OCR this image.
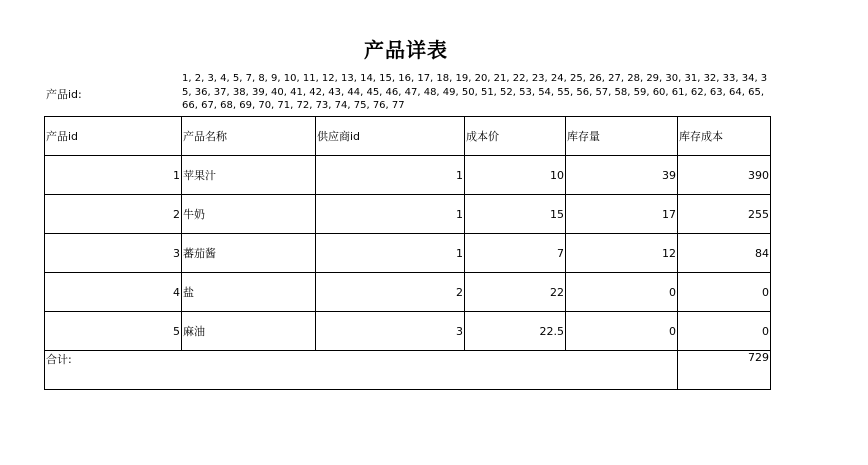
产品详表
产品id:
1, 2, 3, 4, 5, 7, 8, 9, 10, 11, 12, 13, 14, 15, 16, 17, 18, 19, 20, 21, 22, 23, 24, 25, 26, 27, 28, 29, 30, 31, 32, 33, 34, 35, 36, 37, 38, 39, 40, 41, 42, 43, 44, 45, 46, 47, 48, 49, 50, 51, 52, 53, 54, 55, 56, 57, 58, 59, 60, 61, 62, 63, 64, 65, 66, 67, 68, 69, 70, 71, 72, 73, 74, 75, 76, 77
产品id	产品名称	供应商id	成本价	库存量	库存成本
1	苹果汁	1	10	39	390
2	牛奶	1	15	17	255
3	蕃茄酱	1	7	12	84
4	盐	2	22	0	0
5	麻油	3	22.5	0	0
合计:					729
